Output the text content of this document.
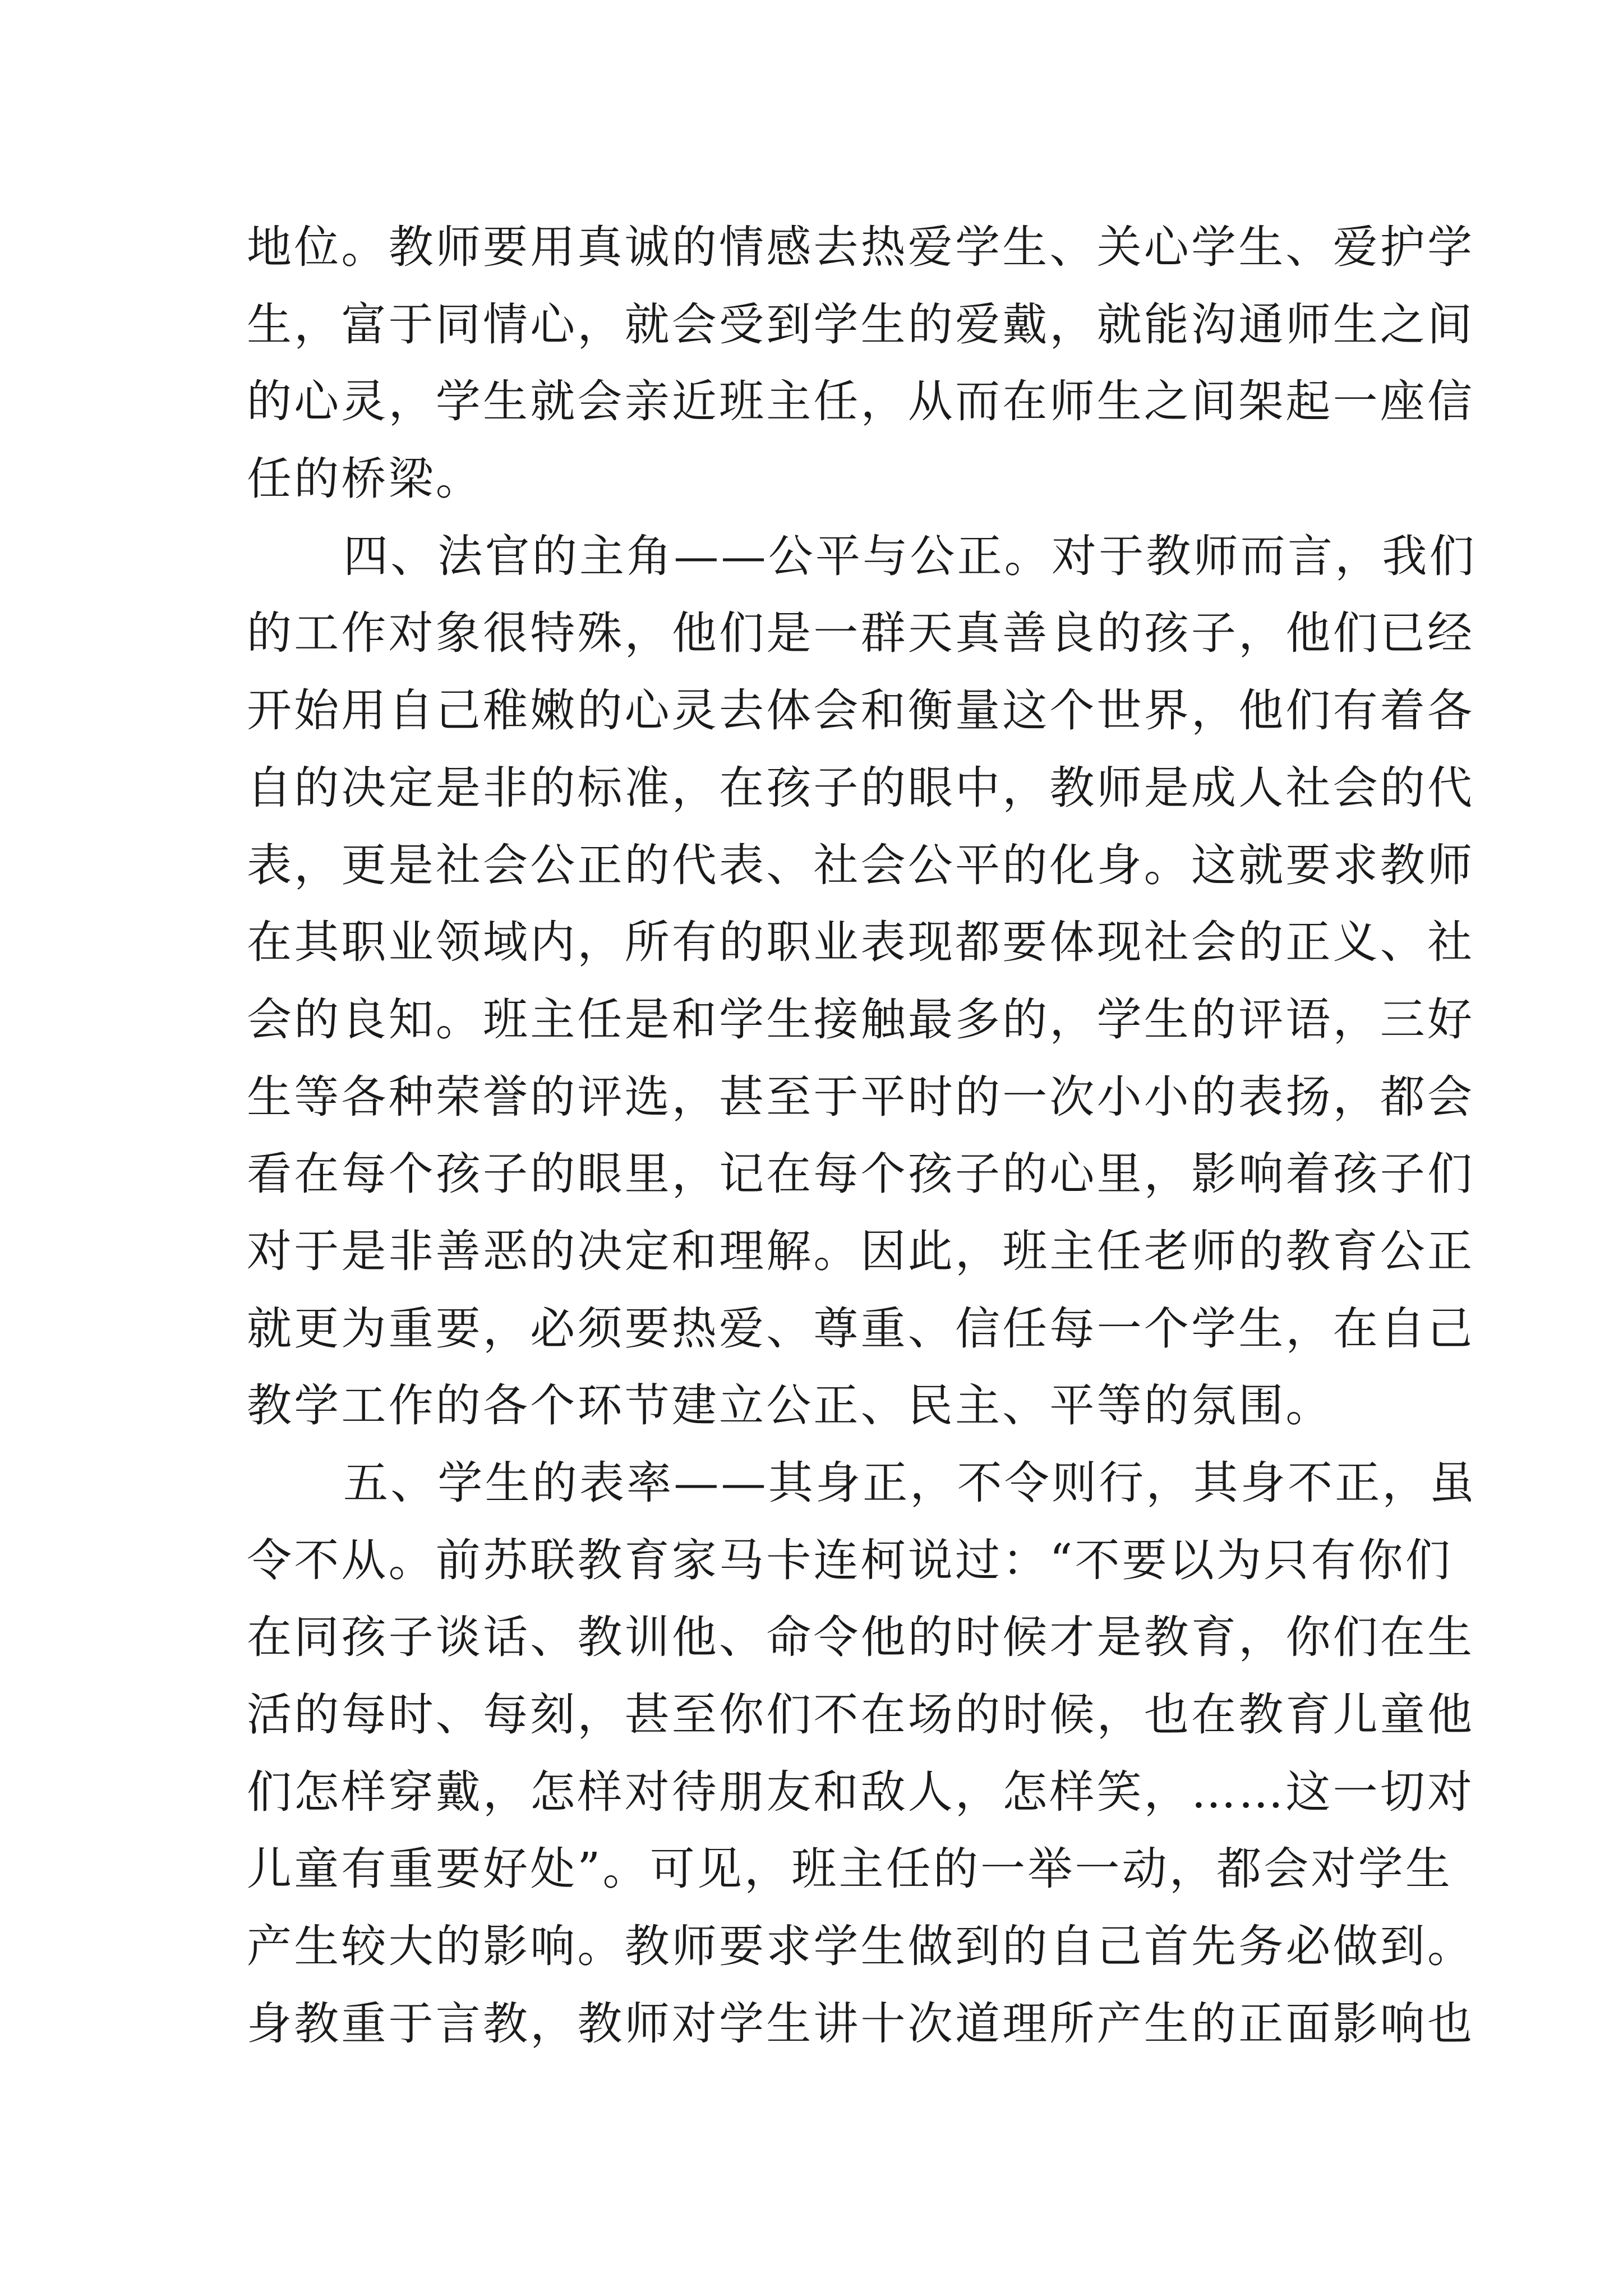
地位。教师要用真诚的情感去热爱学生、关心学生、爱护学
生，富于同情心，就会受到学生的爱戴，就能沟通师生之间
的心灵，学生就会亲近班主任，从而在师生之间架起一座信
任的桥梁。
四、法官的主角——公平与公正。对于教师而言，我们
的工作对象很特殊，他们是一群天真善良的孩子，他们已经
开始用自己稚嫩的心灵去体会和衡量这个世界，他们有着各
自的决定是非的标准，在孩子的眼中，教师是成人社会的代
表，更是社会公正的代表、社会公平的化身。这就要求教师
在其职业领域内，所有的职业表现都要体现社会的正义、社
会的良知。班主任是和学生接触最多的，学生的评语，三好
生等各种荣誉的评选，甚至于平时的一次小小的表扬，都会
看在每个孩子的眼里，记在每个孩子的心里，影响着孩子们
对于是非善恶的决定和理解。因此，班主任老师的教育公正
就更为重要，必须要热爱、尊重、信任每一个学生，在自己
教学工作的各个环节建立公正、民主、平等的氛围。
五、学生的表率——其身正，不令则行，其身不正，虽
令不从。前苏联教育家马卡连柯说过：“不要以为只有你们
在同孩子谈话、教训他、命令他的时候才是教育，你们在生
活的每时、每刻，甚至你们不在场的时候，也在教育儿童他
们怎样穿戴，怎样对待朋友和敌人，怎样笑，……这一切对
儿童有重要好处”。可见，班主任的一举一动，都会对学生
产生较大的影响。教师要求学生做到的自己首先务必做到。
身教重于言教，教师对学生讲十次道理所产生的正面影响也
